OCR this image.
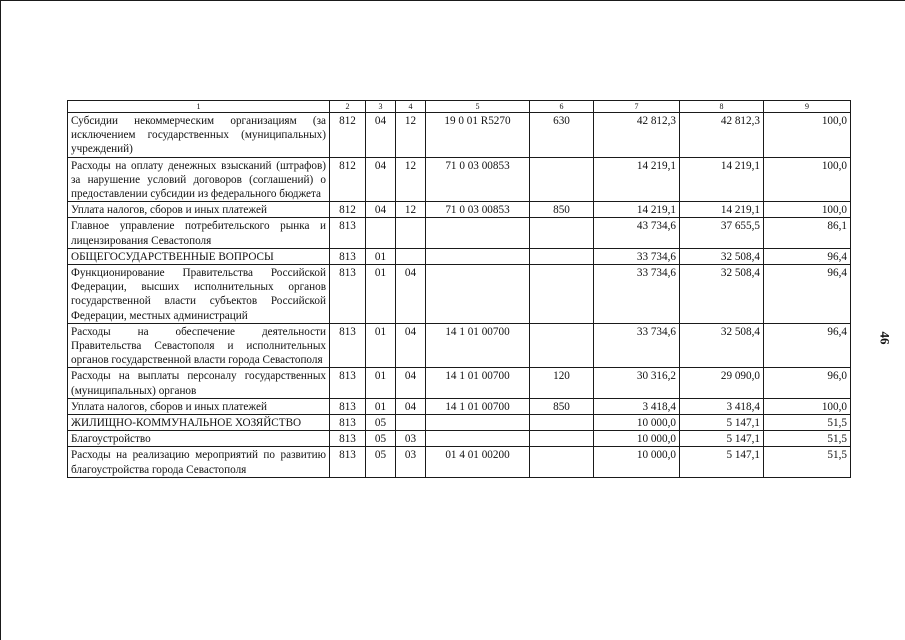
46
1	2	3	4	5	6	7	8	9
Субсидии некоммерческим организациям (за исключением государственных (муниципальных) учреждений)	812	04	12	19 0 01 R5270	630	42 812,3	42 812,3	100,0
Расходы на оплату денежных взысканий (штрафов) за нарушение условий договоров (соглашений) о предоставлении субсидии из федерального бюджета	812	04	12	71 0 03 00853		14 219,1	14 219,1	100,0
Уплата налогов, сборов и иных платежей	812	04	12	71 0 03 00853	850	14 219,1	14 219,1	100,0
Главное управление потребительского рынка и лицензирования Севастополя	813					43 734,6	37 655,5	86,1
ОБЩЕГОСУДАРСТВЕННЫЕ ВОПРОСЫ	813	01				33 734,6	32 508,4	96,4
Функционирование Правительства Российской Федерации, высших исполнительных органов государственной власти субъектов Российской Федерации, местных администраций	813	01	04			33 734,6	32 508,4	96,4
Расходы на обеспечение деятельности Правительства Севастополя и исполнительных органов государственной власти города Севастополя	813	01	04	14 1 01 00700		33 734,6	32 508,4	96,4
Расходы на выплаты персоналу государственных (муниципальных) органов	813	01	04	14 1 01 00700	120	30 316,2	29 090,0	96,0
Уплата налогов, сборов и иных платежей	813	01	04	14 1 01 00700	850	3 418,4	3 418,4	100,0
ЖИЛИЩНО-КОММУНАЛЬНОЕ ХОЗЯЙСТВО	813	05				10 000,0	5 147,1	51,5
Благоустройство	813	05	03			10 000,0	5 147,1	51,5
Расходы на реализацию мероприятий по развитию благоустройства города Севастополя	813	05	03	01 4 01 00200		10 000,0	5 147,1	51,5
